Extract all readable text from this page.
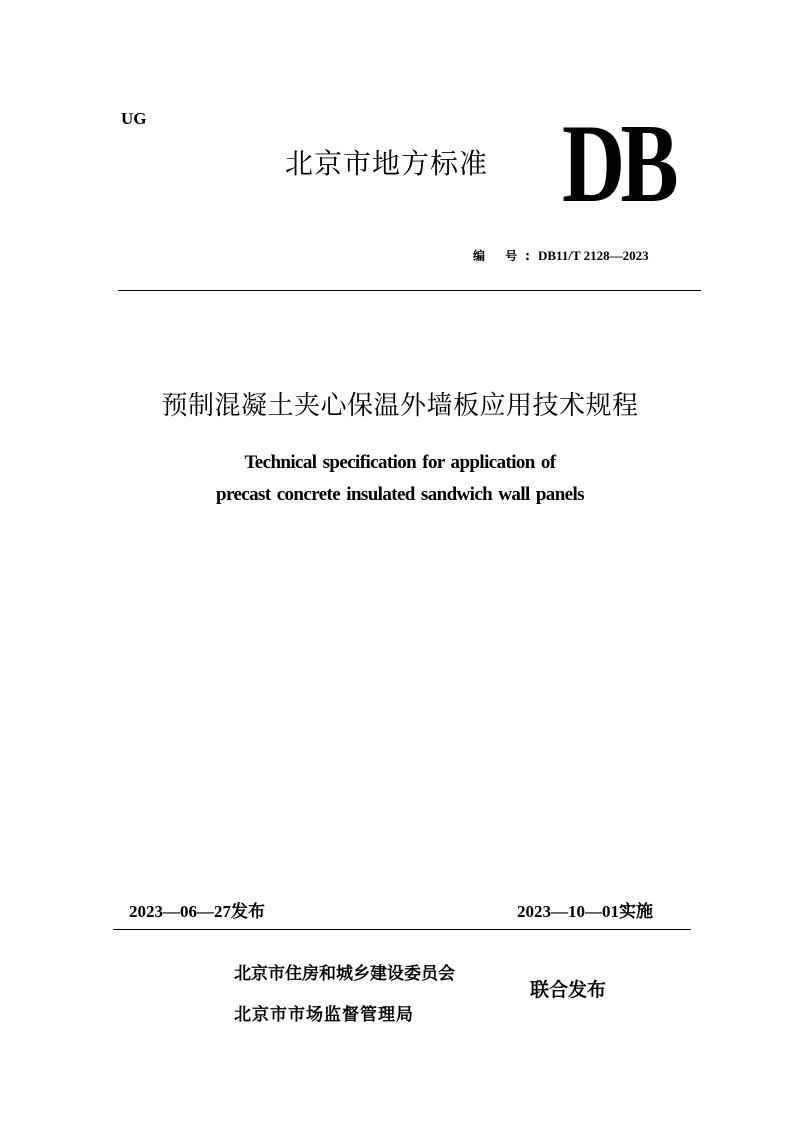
UG
北京市地方标准 DB
编 号:DB11/T 2128—2023
预制混凝土夹心保温外墙板应用技术规程
Technical specification for application of
precast concrete insulated sandwich wall panels
2023—06—27发布	2023—10—01实施
北京市住房和城乡建设委员会
北京市市场监督管理局
联合发布
